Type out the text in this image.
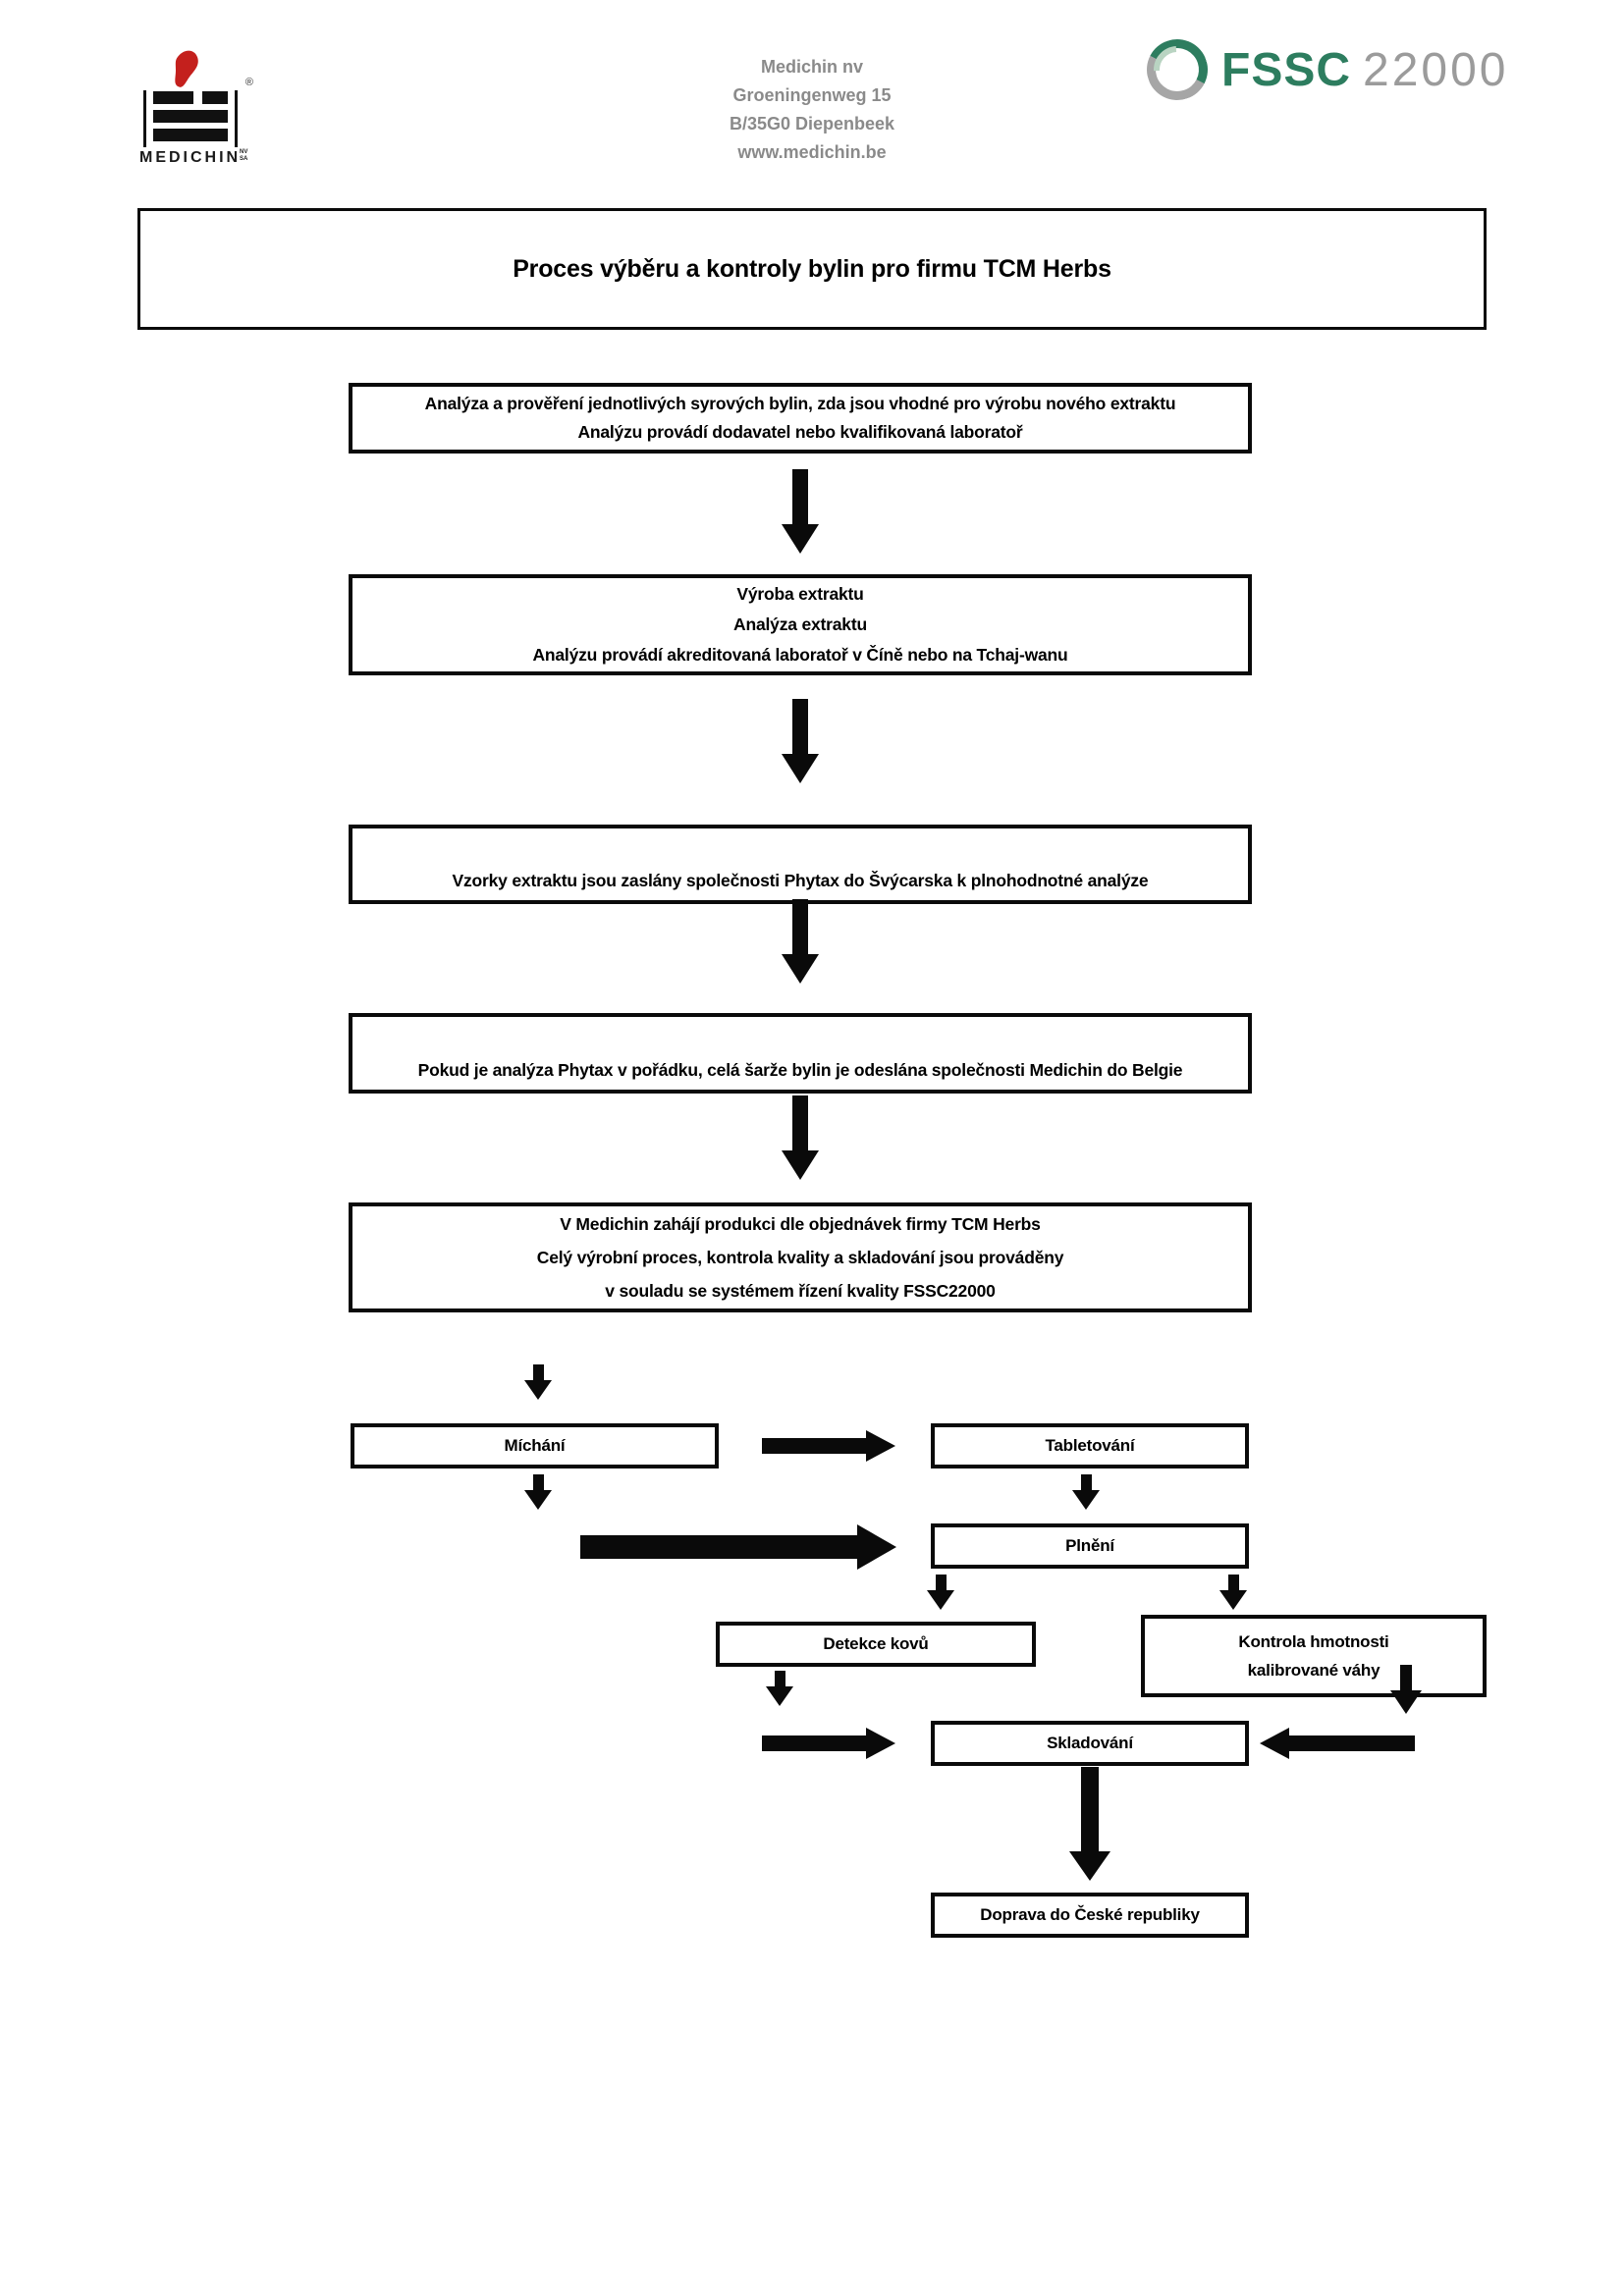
®
MEDICHIN
NV
SA
Medichin nv
Groeningenweg 15
B/35G0 Diepenbeek
www.medichin.be
FSSC 22000
Proces výběru a kontroly bylin pro firmu TCM Herbs
Analýza a prověření jednotlivých syrových bylin, zda jsou vhodné pro výrobu nového extraktu
Analýzu provádí dodavatel nebo kvalifikovaná laboratoř
Výroba extraktu
Analýza extraktu
Analýzu provádí akreditovaná laboratoř v Číně nebo na Tchaj-wanu
Vzorky extraktu jsou zaslány společnosti Phytax do Švýcarska k plnohodnotné analýze
Pokud je analýza Phytax v pořádku, celá šarže bylin je odeslána společnosti Medichin do Belgie
V Medichin zahájí produkci dle objednávek firmy TCM Herbs
Celý výrobní proces, kontrola kvality a skladování jsou prováděny
v souladu se systémem řízení kvality FSSC22000
Míchání	Tabletování
Plnění
Detekce kovů	Kontrola hmotnosti
kalibrované váhy
Skladování
Doprava do České republiky
